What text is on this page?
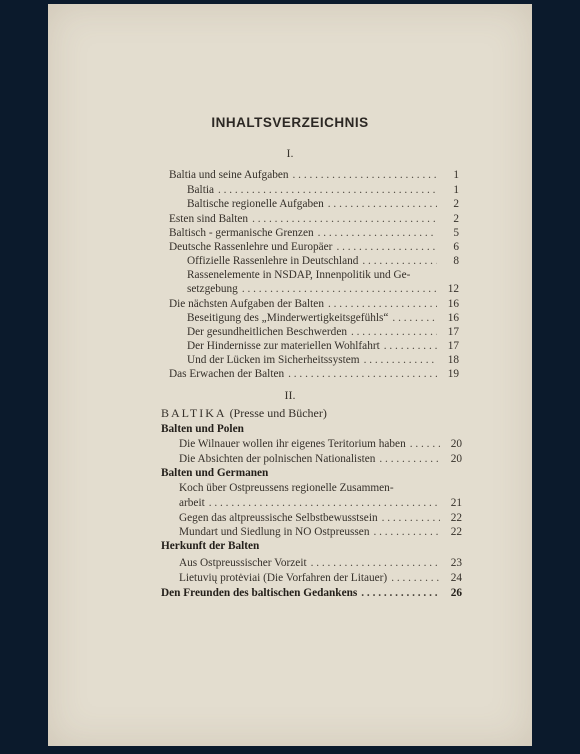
INHALTSVERZEICHNIS
I.
Baltia und seine Aufgaben . . .	1
Baltia . . .	1
Baltische regionelle Aufgaben . . .	2
Esten sind Balten . . .	2
Baltisch - germanische Grenzen . . .	5
Deutsche Rassenlehre und Europäer . . .	6
Offizielle Rassenlehre in Deutschland . . .	8
Rassenelemente in NSDAP, Innenpolitik und Ge-
setzgebung . . .	12
Die nächsten Aufgaben der Balten . . .	16
Beseitigung des „Minderwertigkeitsgefühls“ . . .	16
Der gesundheitlichen Beschwerden . . .	17
Der Hindernisse zur materiellen Wohlfahrt . . .	17
Und der Lücken im Sicherheitssystem . . .	18
Das Erwachen der Balten . . .	19
II.
BALTIKA (Presse und Bücher)
Balten und Polen
Die Wilnauer wollen ihr eigenes Teritorium haben . . .	20
Die Absichten der polnischen Nationalisten . . .	20
Balten und Germanen
Koch über Ostpreussens regionelle Zusammen-
arbeit . . .	21
Gegen das altpreussische Selbstbewusstsein . . .	22
Mundart und Siedlung in NO Ostpreussen . . .	22
Herkunft der Balten
Aus Ostpreussischer Vorzeit . . .	23
Lietuvių protėviai (Die Vorfahren der Litauer) . . .	24
Den Freunden des baltischen Gedankens . . .	26
